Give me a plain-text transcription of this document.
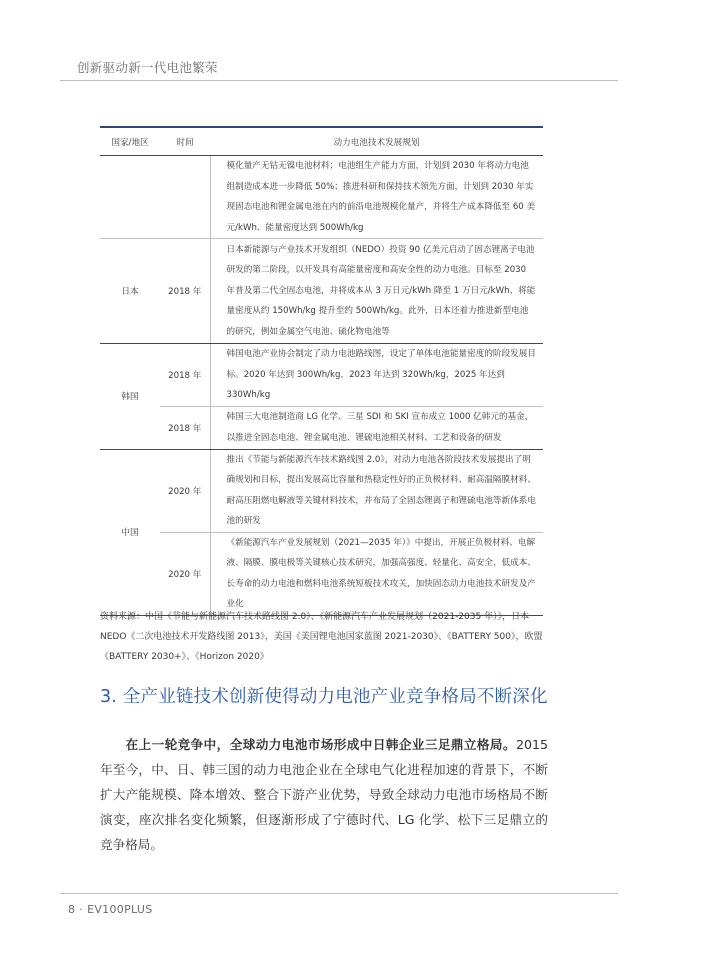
创新驱动新一代电池繁荣
国家/地区	时间	动力电池技术发展规划
		模化量产无钴无镍电池材料；电池组生产能力方面，计划到 2030 年将动力电池组制造成本进一步降低 50%；推进科研和保持技术领先方面，计划到 2030 年实现固态电池和锂金属电池在内的前沿电池规模化量产，并将生产成本降低至 60 美元/kWh、能量密度达到 500Wh/kg
日本	2018 年	日本新能源与产业技术开发组织（NEDO）投资 90 亿美元启动了固态锂离子电池研发的第二阶段，以开发具有高能量密度和高安全性的动力电池。目标至 2030 年普及第二代全固态电池，并将成本从 3 万日元/kWh 降至 1 万日元/kWh、将能量密度从约 150Wh/kg 提升至约 500Wh/kg。此外，日本还着力推进新型电池的研究，例如金属空气电池、硫化物电池等
韩国	2018 年	韩国电池产业协会制定了动力电池路线图，设定了单体电池能量密度的阶段发展目标。2020 年达到 300Wh/kg，2023 年达到 320Wh/kg，2025 年达到 330Wh/kg
	2018 年	韩国三大电池制造商 LG 化学、三星 SDI 和 SKI 宣布成立 1000 亿韩元的基金，以推进全固态电池、锂金属电池、锂硫电池相关材料、工艺和设备的研发
中国	2020 年	推出《节能与新能源汽车技术路线图 2.0》，对动力电池各阶段技术发展提出了明确规划和目标，提出发展高比容量和热稳定性好的正负极材料、耐高温隔膜材料、耐高压阻燃电解液等关键材料技术，并布局了全固态锂离子和锂硫电池等新体系电池的研发
	2020 年	《新能源汽车产业发展规划（2021—2035 年）》中提出，开展正负极材料、电解液、隔膜、膜电极等关键核心技术研究，加强高强度、轻量化、高安全、低成本、长寿命的动力电池和燃料电池系统短板技术攻关，加快固态动力电池技术研发及产业化
资料来源：中国《节能与新能源汽车技术路线图 2.0》、《新能源汽车产业发展规划（2021-2035 年）》，日本 NEDO《二次电池技术开发路线图 2013》，美国《美国锂电池国家蓝图 2021-2030》、《BATTERY 500》，欧盟《BATTERY 2030+》、《Horizon 2020》
3. 全产业链技术创新使得动力电池产业竞争格局不断深化
在上一轮竞争中，全球动力电池市场形成中日韩企业三足鼎立格局。2015 年至今，中、日、韩三国的动力电池企业在全球电气化进程加速的背景下，不断扩大产能规模、降本增效、整合下游产业优势，导致全球动力电池市场格局不断演变，座次排名变化频繁，但逐渐形成了宁德时代、LG 化学、松下三足鼎立的竞争格局。
8 · EV100PLUS
